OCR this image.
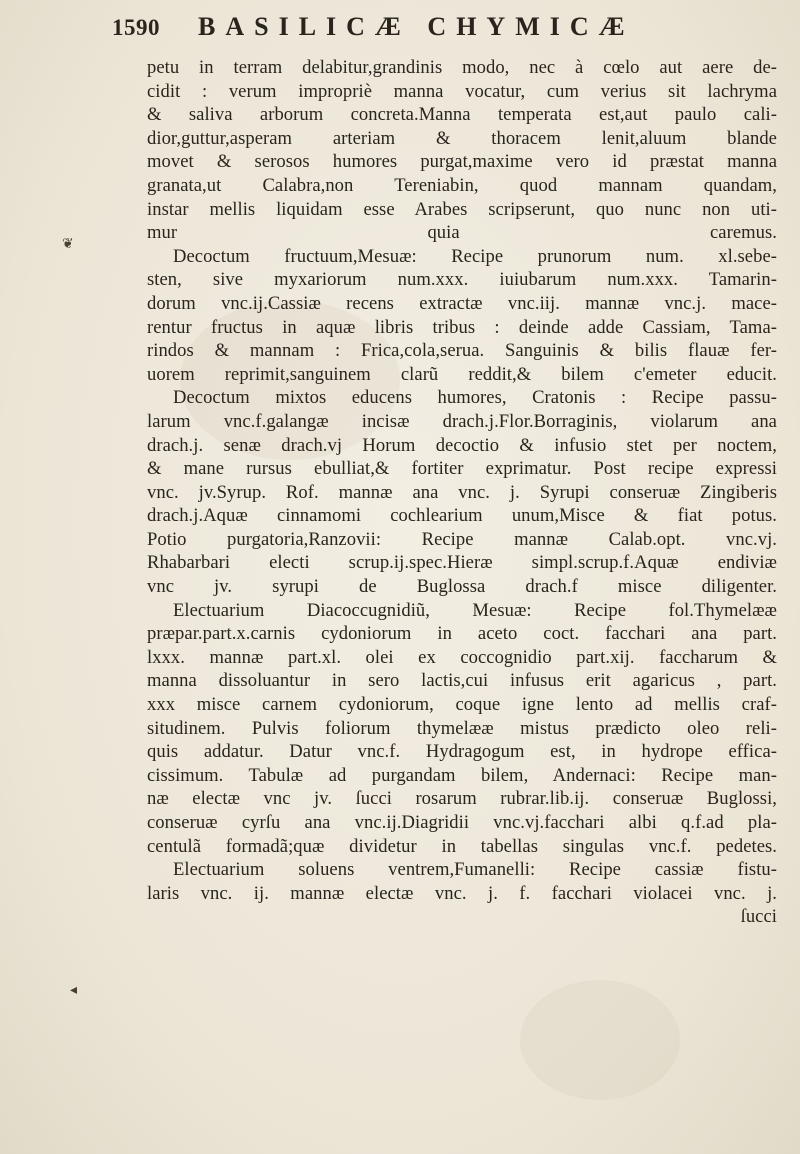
1590 BASILICÆ CHYMICÆ
❦
◂
petu in terram delabitur,grandinis modo, nec à cœlo aut aere de-
cidit : verum impropriè manna vocatur, cum verius sit lachryma
& saliva arborum concreta.Manna temperata est,aut paulo cali-
dior,guttur,asperam arteriam & thoracem lenit,aluum blande
movet & serosos humores purgat,maxime vero id præstat manna
granata,ut Calabra,non Tereniabin, quod mannam quandam,
instar mellis liquidam esse Arabes scripserunt, quo nunc non uti-
mur quia caremus.
Decoctum fructuum,Mesuæ: Recipe prunorum num. xl.sebe-
sten, sive myxariorum num.xxx. iuiubarum num.xxx. Tamarin-
dorum vnc.ij.Cassiæ recens extractæ vnc.iij. mannæ vnc.j. mace-
rentur fructus in aquæ libris tribus : deinde adde Cassiam, Tama-
rindos & mannam : Frica,cola,serua. Sanguinis & bilis flauæ fer-
uorem reprimit,sanguinem clarũ reddit,& bilem c'emeter educit.
Decoctum mixtos educens humores, Cratonis : Recipe passu-
larum vnc.f.galangæ incisæ drach.j.Flor.Borraginis, violarum ana
drach.j. senæ drach.vj Horum decoctio & infusio stet per noctem,
& mane rursus ebulliat,& fortiter exprimatur. Post recipe expressi
vnc. jv.Syrup. Rof. mannæ ana vnc. j. Syrupi conseruæ Zingiberis
drach.j.Aquæ cinnamomi cochlearium unum,Misce & fiat potus.
Potio purgatoria,Ranzovii: Recipe mannæ Calab.opt. vnc.vj.
Rhabarbari electi scrup.ij.spec.Hieræ simpl.scrup.f.Aquæ endiviæ
vnc jv. syrupi de Buglossa drach.f misce diligenter.
Electuarium Diacoccugnidiũ, Mesuæ: Recipe fol.Thymelææ
præpar.part.x.carnis cydoniorum in aceto coct. facchari ana part.
lxxx. mannæ part.xl. olei ex coccognidio part.xij. faccharum &
manna dissoluantur in sero lactis,cui infusus erit agaricus , part.
xxx misce carnem cydoniorum, coque igne lento ad mellis craf-
situdinem. Pulvis foliorum thymelææ mistus prædicto oleo reli-
quis addatur. Datur vnc.f. Hydragogum est, in hydrope effica-
cissimum. Tabulæ ad purgandam bilem, Andernaci: Recipe man-
næ electæ vnc jv. ſucci rosarum rubrar.lib.ij. conseruæ Buglossi,
conseruæ cyrſu ana vnc.ij.Diagridii vnc.vj.facchari albi q.f.ad pla-
centulã formadã;quæ dividetur in tabellas singulas vnc.f. pedetes.
Electuarium soluens ventrem,Fumanelli: Recipe cassiæ fistu-
laris vnc. ij. mannæ electæ vnc. j. f. facchari violacei vnc. j.
ſucci
